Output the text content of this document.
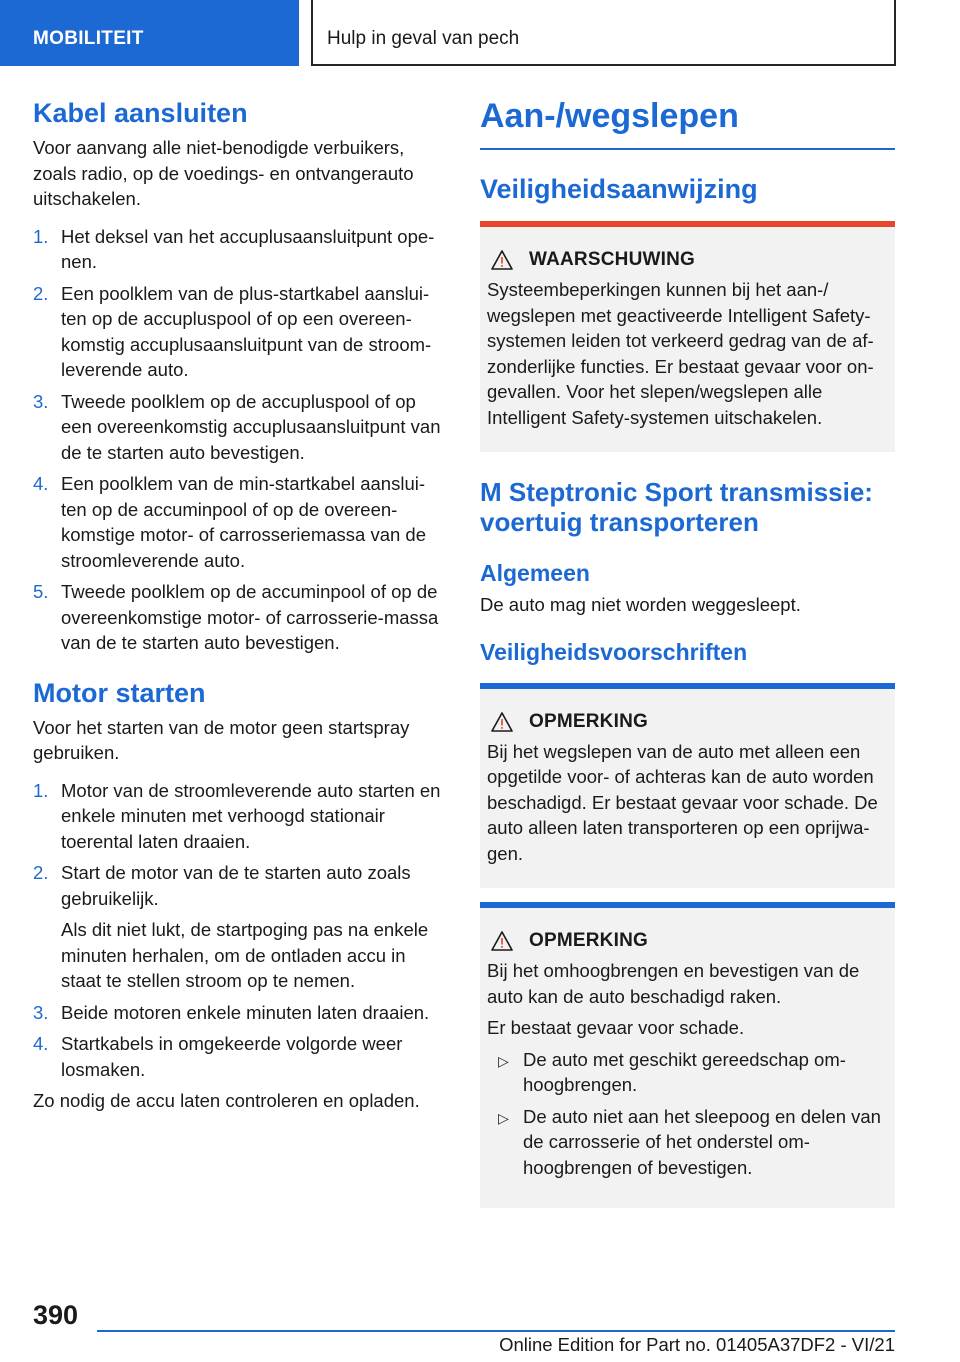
MOBILITEIT	Hulp in geval van pech
Kabel aansluiten

Voor aanvang alle niet-benodigde verbuikers, zoals radio, op de voedings- en ontvangerauto uitschakelen.

1. Het deksel van het accuplusaansluitpunt ope-nen.
2. Een poolklem van de plus-startkabel aanslui-ten op de accupluspool of op een overeen-komstig accuplusaansluitpunt van de stroom-leverende auto.
3. Tweede poolklem op de accupluspool of op een overeenkomstig accuplusaansluitpunt van de te starten auto bevestigen.
4. Een poolklem van de min-startkabel aanslui-ten op de accuminpool of op de overeen-komstige motor- of carrosseriemassa van de stroomleverende auto.
5. Tweede poolklem op de accuminpool of op de overeenkomstige motor- of carrosserie-massa van de te starten auto bevestigen.
Motor starten

Voor het starten van de motor geen startspray gebruiken.

1. Motor van de stroomleverende auto starten en enkele minuten met verhoogd stationair toerental laten draaien.
2. Start de motor van de te starten auto zoals gebruikelijk.
Als dit niet lukt, de startpoging pas na enkele minuten herhalen, om de ontladen accu in staat te stellen stroom op te nemen.
3. Beide motoren enkele minuten laten draaien.
4. Startkabels in omgekeerde volgorde weer losmaken.

Zo nodig de accu laten controleren en opladen.

Aan-/wegslepen
Veiligheidsaanwijzing
WAARSCHUWING

Systeembeperkingen kunnen bij het aan-/ wegslepen met geactiveerde Intelligent Safety-systemen leiden tot verkeerd gedrag van de af-zonderlijke functies. Er bestaat gevaar voor on-gevallen. Voor het slepen/wegslepen alle Intelligent Safety-systemen uitschakelen.

M Steptronic Sport transmissie: voertuig transporteren
Algemeen

De auto mag niet worden weggesleept.

Veiligheidsvoorschriften
OPMERKING

Bij het wegslepen van de auto met alleen een opgetilde voor- of achteras kan de auto worden beschadigd. Er bestaat gevaar voor schade. De auto alleen laten transporteren op een oprijwa-gen.

OPMERKING

Bij het omhoogbrengen en bevestigen van de auto kan de auto beschadigd raken.

Er bestaat gevaar voor schade.

▷ De auto met geschikt gereedschap om-hoogbrengen.
▷ De auto niet aan het sleepoog en delen van de carrosserie of het onderstel om-hoogbrengen of bevestigen.
390
Online Edition for Part no. 01405A37DF2 - VI/21
